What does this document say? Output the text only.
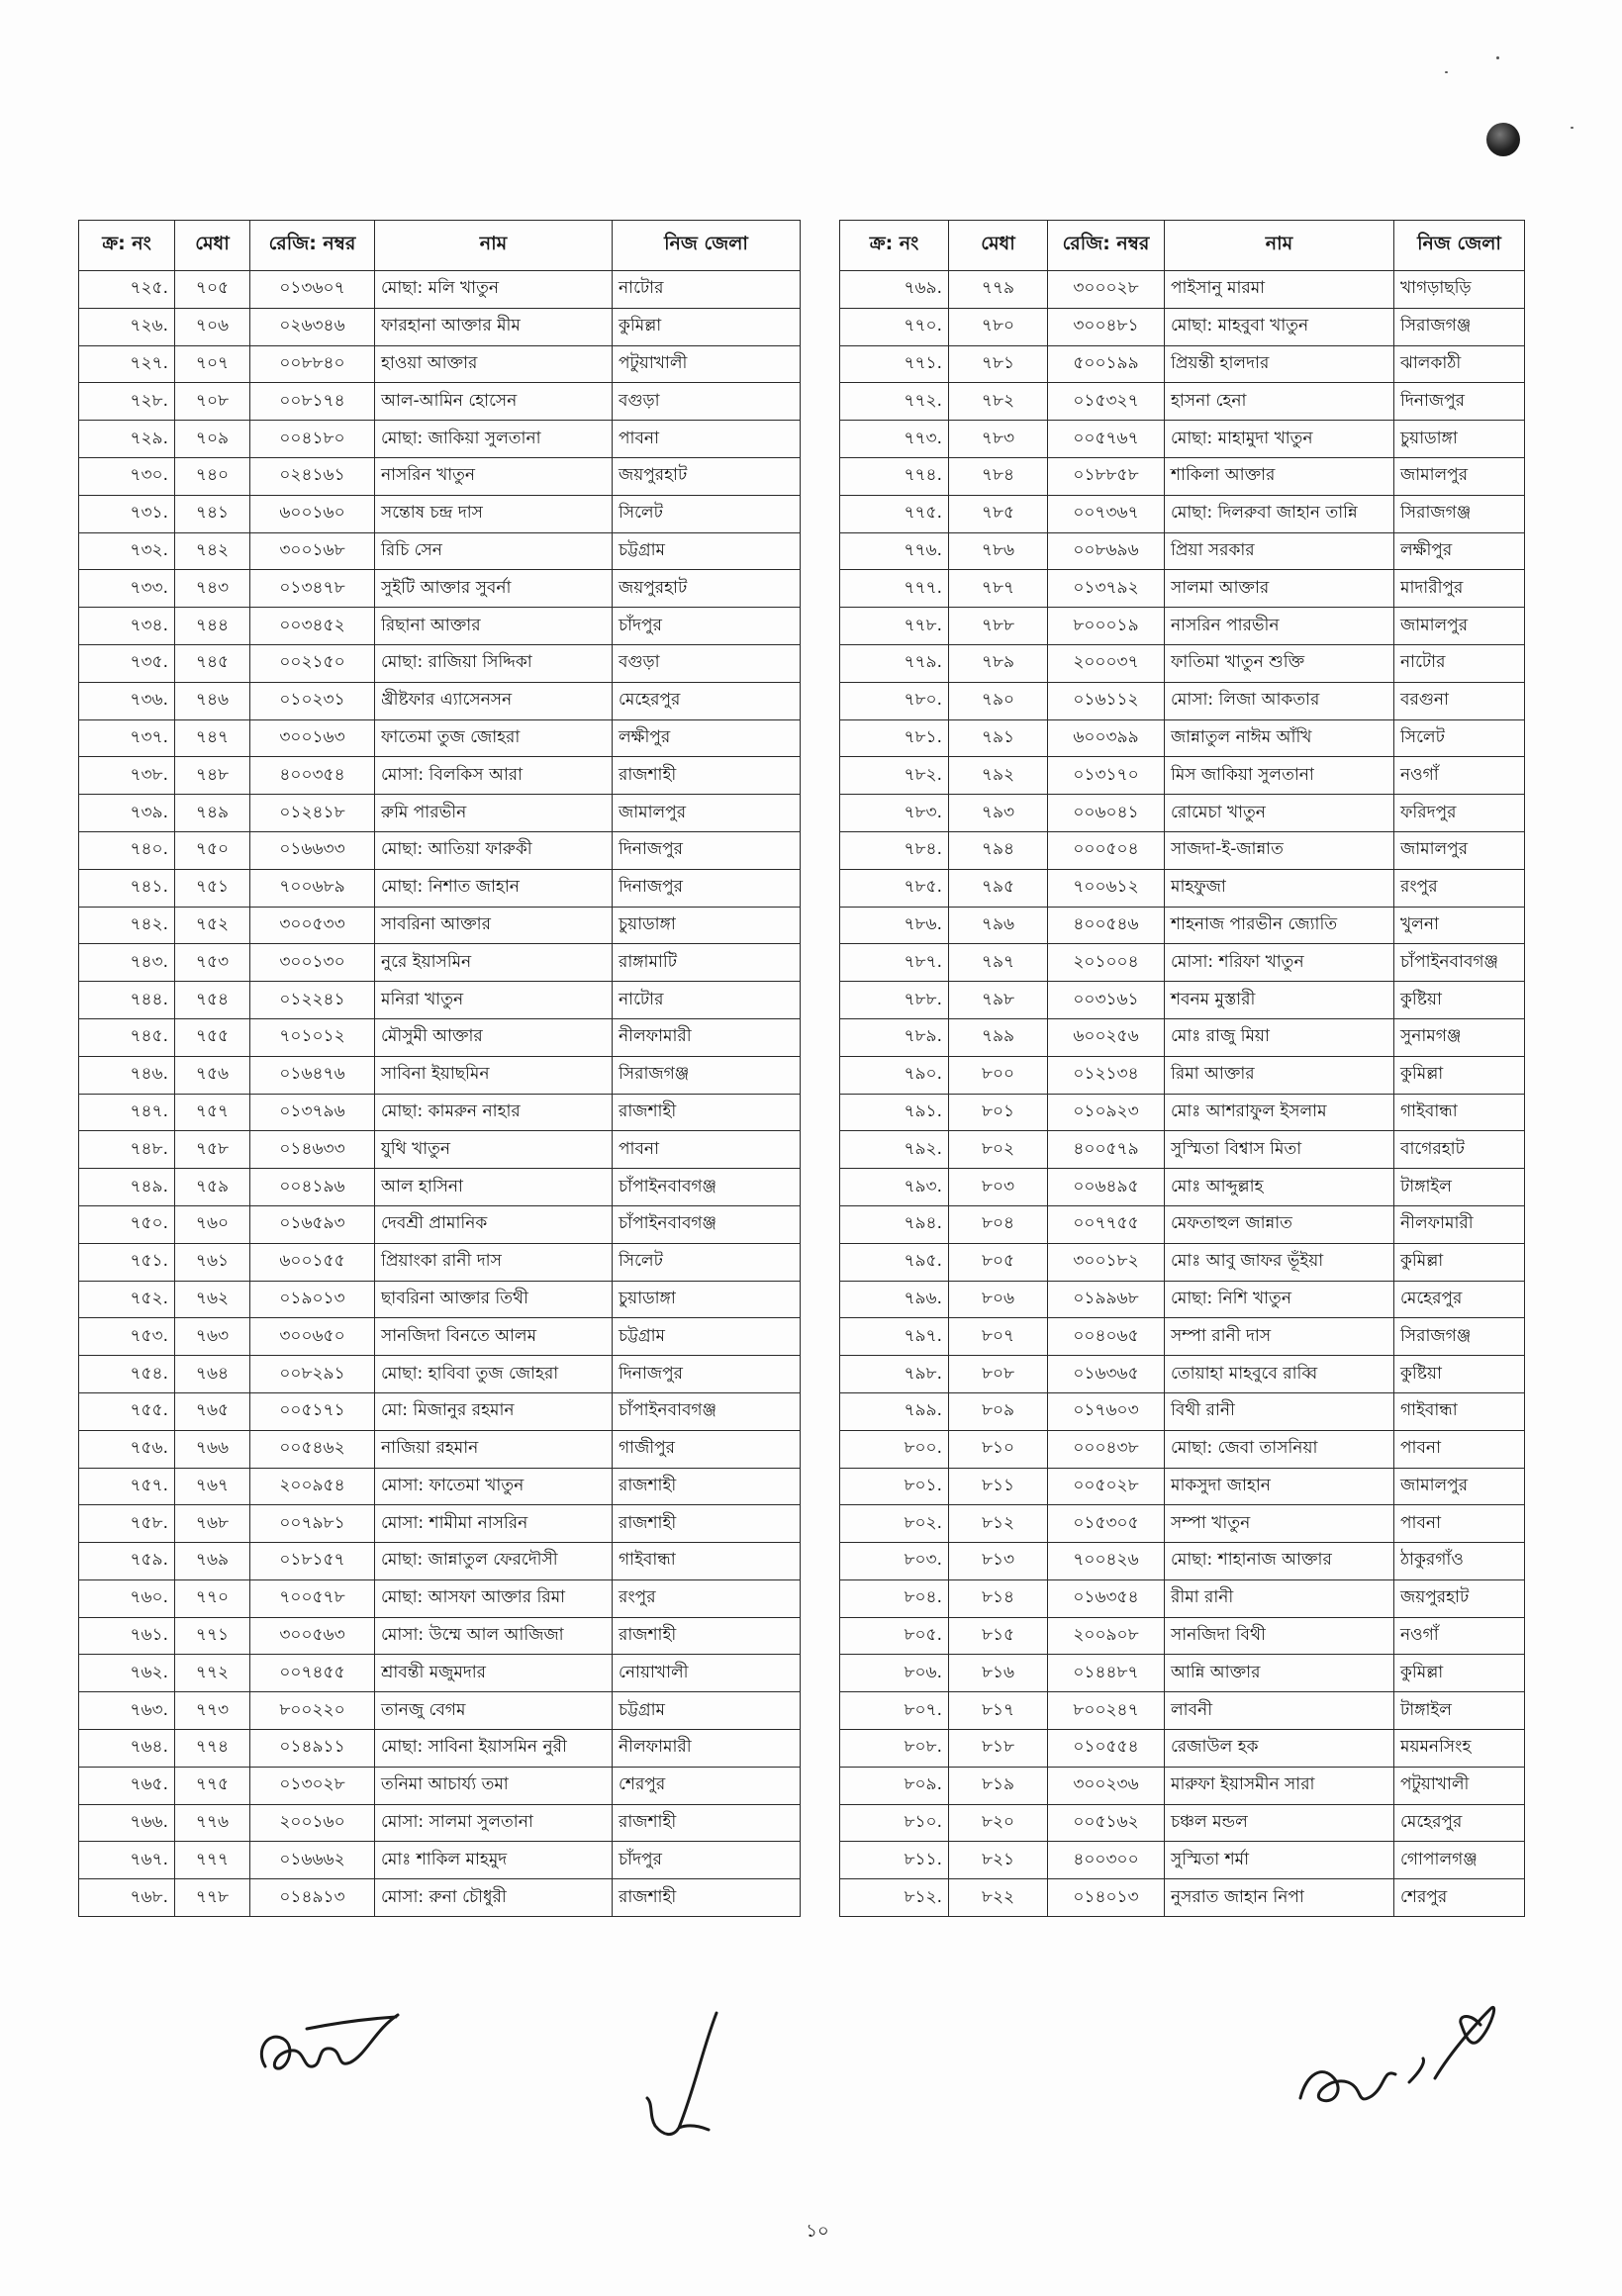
ক্র: নং	মেধা	রেজি: নম্বর	নাম	নিজ জেলা
৭২৫.	৭০৫	০১৩৬০৭	মোছা: মলি খাতুন	নাটোর
৭২৬.	৭০৬	০২৬৩৪৬	ফারহানা আক্তার মীম	কুমিল্লা
৭২৭.	৭০৭	০০৮৮৪০	হাওয়া আক্তার	পটুয়াখালী
৭২৮.	৭০৮	০০৮১৭৪	আল-আমিন হোসেন	বগুড়া
৭২৯.	৭০৯	০০৪১৮০	মোছা: জাকিয়া সুলতানা	পাবনা
৭৩০.	৭৪০	০২৪১৬১	নাসরিন খাতুন	জয়পুরহাট
৭৩১.	৭৪১	৬০০১৬০	সন্তোষ চন্দ্র দাস	সিলেট
৭৩২.	৭৪২	৩০০১৬৮	রিচি সেন	চট্টগ্রাম
৭৩৩.	৭৪৩	০১৩৪৭৮	সুইটি আক্তার সুবর্না	জয়পুরহাট
৭৩৪.	৭৪৪	০০৩৪৫২	রিছানা আক্তার	চাঁদপুর
৭৩৫.	৭৪৫	০০২১৫০	মোছা: রাজিয়া সিদ্দিকা	বগুড়া
৭৩৬.	৭৪৬	০১০২৩১	খ্রীষ্টফার এ্যাসেনসন	মেহেরপুর
৭৩৭.	৭৪৭	৩০০১৬৩	ফাতেমা তুজ জোহরা	লক্ষীপুর
৭৩৮.	৭৪৮	৪০০৩৫৪	মোসা: বিলকিস আরা	রাজশাহী
৭৩৯.	৭৪৯	০১২৪১৮	রুমি পারভীন	জামালপুর
৭৪০.	৭৫০	০১৬৬৩৩	মোছা: আতিয়া ফারুকী	দিনাজপুর
৭৪১.	৭৫১	৭০০৬৮৯	মোছা: নিশাত জাহান	দিনাজপুর
৭৪২.	৭৫২	৩০০৫৩৩	সাবরিনা আক্তার	চুয়াডাঙ্গা
৭৪৩.	৭৫৩	৩০০১৩০	নুরে ইয়াসমিন	রাঙ্গামাটি
৭৪৪.	৭৫৪	০১২২৪১	মনিরা খাতুন	নাটোর
৭৪৫.	৭৫৫	৭০১০১২	মৌসুমী আক্তার	নীলফামারী
৭৪৬.	৭৫৬	০১৬৪৭৬	সাবিনা ইয়াছমিন	সিরাজগঞ্জ
৭৪৭.	৭৫৭	০১৩৭৯৬	মোছা: কামরুন নাহার	রাজশাহী
৭৪৮.	৭৫৮	০১৪৬৩৩	যুথি খাতুন	পাবনা
৭৪৯.	৭৫৯	০০৪১৯৬	আল হাসিনা	চাঁপাইনবাবগঞ্জ
৭৫০.	৭৬০	০১৬৫৯৩	দেবশ্রী প্রামানিক	চাঁপাইনবাবগঞ্জ
৭৫১.	৭৬১	৬০০১৫৫	প্রিয়াংকা রানী দাস	সিলেট
৭৫২.	৭৬২	০১৯০১৩	ছাবরিনা আক্তার তিথী	চুয়াডাঙ্গা
৭৫৩.	৭৬৩	৩০০৬৫০	সানজিদা বিনতে আলম	চট্টগ্রাম
৭৫৪.	৭৬৪	০০৮২৯১	মোছা: হাবিবা তুজ জোহরা	দিনাজপুর
৭৫৫.	৭৬৫	০০৫১৭১	মো: মিজানুর রহমান	চাঁপাইনবাবগঞ্জ
৭৫৬.	৭৬৬	০০৫৪৬২	নাজিয়া রহমান	গাজীপুর
৭৫৭.	৭৬৭	২০০৯৫৪	মোসা: ফাতেমা খাতুন	রাজশাহী
৭৫৮.	৭৬৮	০০৭৯৮১	মোসা: শামীমা নাসরিন	রাজশাহী
৭৫৯.	৭৬৯	০১৮১৫৭	মোছা: জান্নাতুল ফেরদৌসী	গাইবান্ধা
৭৬০.	৭৭০	৭০০৫৭৮	মোছা: আসফা আক্তার রিমা	রংপুর
৭৬১.	৭৭১	৩০০৫৬৩	মোসা: উম্মে আল আজিজা	রাজশাহী
৭৬২.	৭৭২	০০৭৪৫৫	শ্রাবন্তী মজুমদার	নোয়াখালী
৭৬৩.	৭৭৩	৮০০২২০	তানজু বেগম	চট্টগ্রাম
৭৬৪.	৭৭৪	০১৪৯১১	মোছা: সাবিনা ইয়াসমিন নুরী	নীলফামারী
৭৬৫.	৭৭৫	০১৩০২৮	তনিমা আচার্য্য তমা	শেরপুর
৭৬৬.	৭৭৬	২০০১৬০	মোসা: সালমা সুলতানা	রাজশাহী
৭৬৭.	৭৭৭	০১৬৬৬২	মোঃ শাকিল মাহমুদ	চাঁদপুর
৭৬৮.	৭৭৮	০১৪৯১৩	মোসা: রুনা চৌধুরী	রাজশাহী
ক্র: নং	মেধা	রেজি: নম্বর	নাম	নিজ জেলা
৭৬৯.	৭৭৯	৩০০০২৮	পাইসানু মারমা	খাগড়াছড়ি
৭৭০.	৭৮০	৩০০৪৮১	মোছা: মাহবুবা খাতুন	সিরাজগঞ্জ
৭৭১.	৭৮১	৫০০১৯৯	প্রিয়ন্তী হালদার	ঝালকাঠী
৭৭২.	৭৮২	০১৫৩২৭	হাসনা হেনা	দিনাজপুর
৭৭৩.	৭৮৩	০০৫৭৬৭	মোছা: মাহামুদা খাতুন	চুয়াডাঙ্গা
৭৭৪.	৭৮৪	০১৮৮৫৮	শাকিলা আক্তার	জামালপুর
৭৭৫.	৭৮৫	০০৭৩৬৭	মোছা: দিলরুবা জাহান তান্নি	সিরাজগঞ্জ
৭৭৬.	৭৮৬	০০৮৬৯৬	প্রিয়া সরকার	লক্ষীপুর
৭৭৭.	৭৮৭	০১৩৭৯২	সালমা আক্তার	মাদারীপুর
৭৭৮.	৭৮৮	৮০০০১৯	নাসরিন পারভীন	জামালপুর
৭৭৯.	৭৮৯	২০০০৩৭	ফাতিমা খাতুন শুক্তি	নাটোর
৭৮০.	৭৯০	০১৬১১২	মোসা: লিজা আকতার	বরগুনা
৭৮১.	৭৯১	৬০০৩৯৯	জান্নাতুল নাঈম আঁখি	সিলেট
৭৮২.	৭৯২	০১৩১৭০	মিস জাকিয়া সুলতানা	নওগাঁ
৭৮৩.	৭৯৩	০০৬০৪১	রোমেচা খাতুন	ফরিদপুর
৭৮৪.	৭৯৪	০০০৫০৪	সাজদা-ই-জান্নাত	জামালপুর
৭৮৫.	৭৯৫	৭০০৬১২	মাহফুজা	রংপুর
৭৮৬.	৭৯৬	৪০০৫৪৬	শাহনাজ পারভীন জ্যোতি	খুলনা
৭৮৭.	৭৯৭	২০১০০৪	মোসা: শরিফা খাতুন	চাঁপাইনবাবগঞ্জ
৭৮৮.	৭৯৮	০০৩১৬১	শবনম মুস্তারী	কুষ্টিয়া
৭৮৯.	৭৯৯	৬০০২৫৬	মোঃ রাজু মিয়া	সুনামগঞ্জ
৭৯০.	৮০০	০১২১৩৪	রিমা আক্তার	কুমিল্লা
৭৯১.	৮০১	০১০৯২৩	মোঃ আশরাফুল ইসলাম	গাইবান্ধা
৭৯২.	৮০২	৪০০৫৭৯	সুস্মিতা বিশ্বাস মিতা	বাগেরহাট
৭৯৩.	৮০৩	০০৬৪৯৫	মোঃ আব্দুল্লাহ	টাঙ্গাইল
৭৯৪.	৮০৪	০০৭৭৫৫	মেফতাহুল জান্নাত	নীলফামারী
৭৯৫.	৮০৫	৩০০১৮২	মোঃ আবু জাফর ভূঁইয়া	কুমিল্লা
৭৯৬.	৮০৬	০১৯৯৬৮	মোছা: নিশি খাতুন	মেহেরপুর
৭৯৭.	৮০৭	০০৪০৬৫	সম্পা রানী দাস	সিরাজগঞ্জ
৭৯৮.	৮০৮	০১৬৩৬৫	তোয়াহা মাহবুবে রাব্বি	কুষ্টিয়া
৭৯৯.	৮০৯	০১৭৬০৩	বিথী রানী	গাইবান্ধা
৮০০.	৮১০	০০০৪৩৮	মোছা: জেবা তাসনিয়া	পাবনা
৮০১.	৮১১	০০৫০২৮	মাকসুদা জাহান	জামালপুর
৮০২.	৮১২	০১৫৩০৫	সম্পা খাতুন	পাবনা
৮০৩.	৮১৩	৭০০৪২৬	মোছা: শাহানাজ আক্তার	ঠাকুরগাঁও
৮০৪.	৮১৪	০১৬৩৫৪	রীমা রানী	জয়পুরহাট
৮০৫.	৮১৫	২০০৯০৮	সানজিদা বিথী	নওগাঁ
৮০৬.	৮১৬	০১৪৪৮৭	আন্নি আক্তার	কুমিল্লা
৮০৭.	৮১৭	৮০০২৪৭	লাবনী	টাঙ্গাইল
৮০৮.	৮১৮	০১০৫৫৪	রেজাউল হক	ময়মনসিংহ
৮০৯.	৮১৯	৩০০২৩৬	মারুফা ইয়াসমীন সারা	পটুয়াখালী
৮১০.	৮২০	০০৫১৬২	চঞ্চল মন্ডল	মেহেরপুর
৮১১.	৮২১	৪০০৩০০	সুস্মিতা শর্মা	গোপালগঞ্জ
৮১২.	৮২২	০১৪০১৩	নুসরাত জাহান নিপা	শেরপুর
১০
